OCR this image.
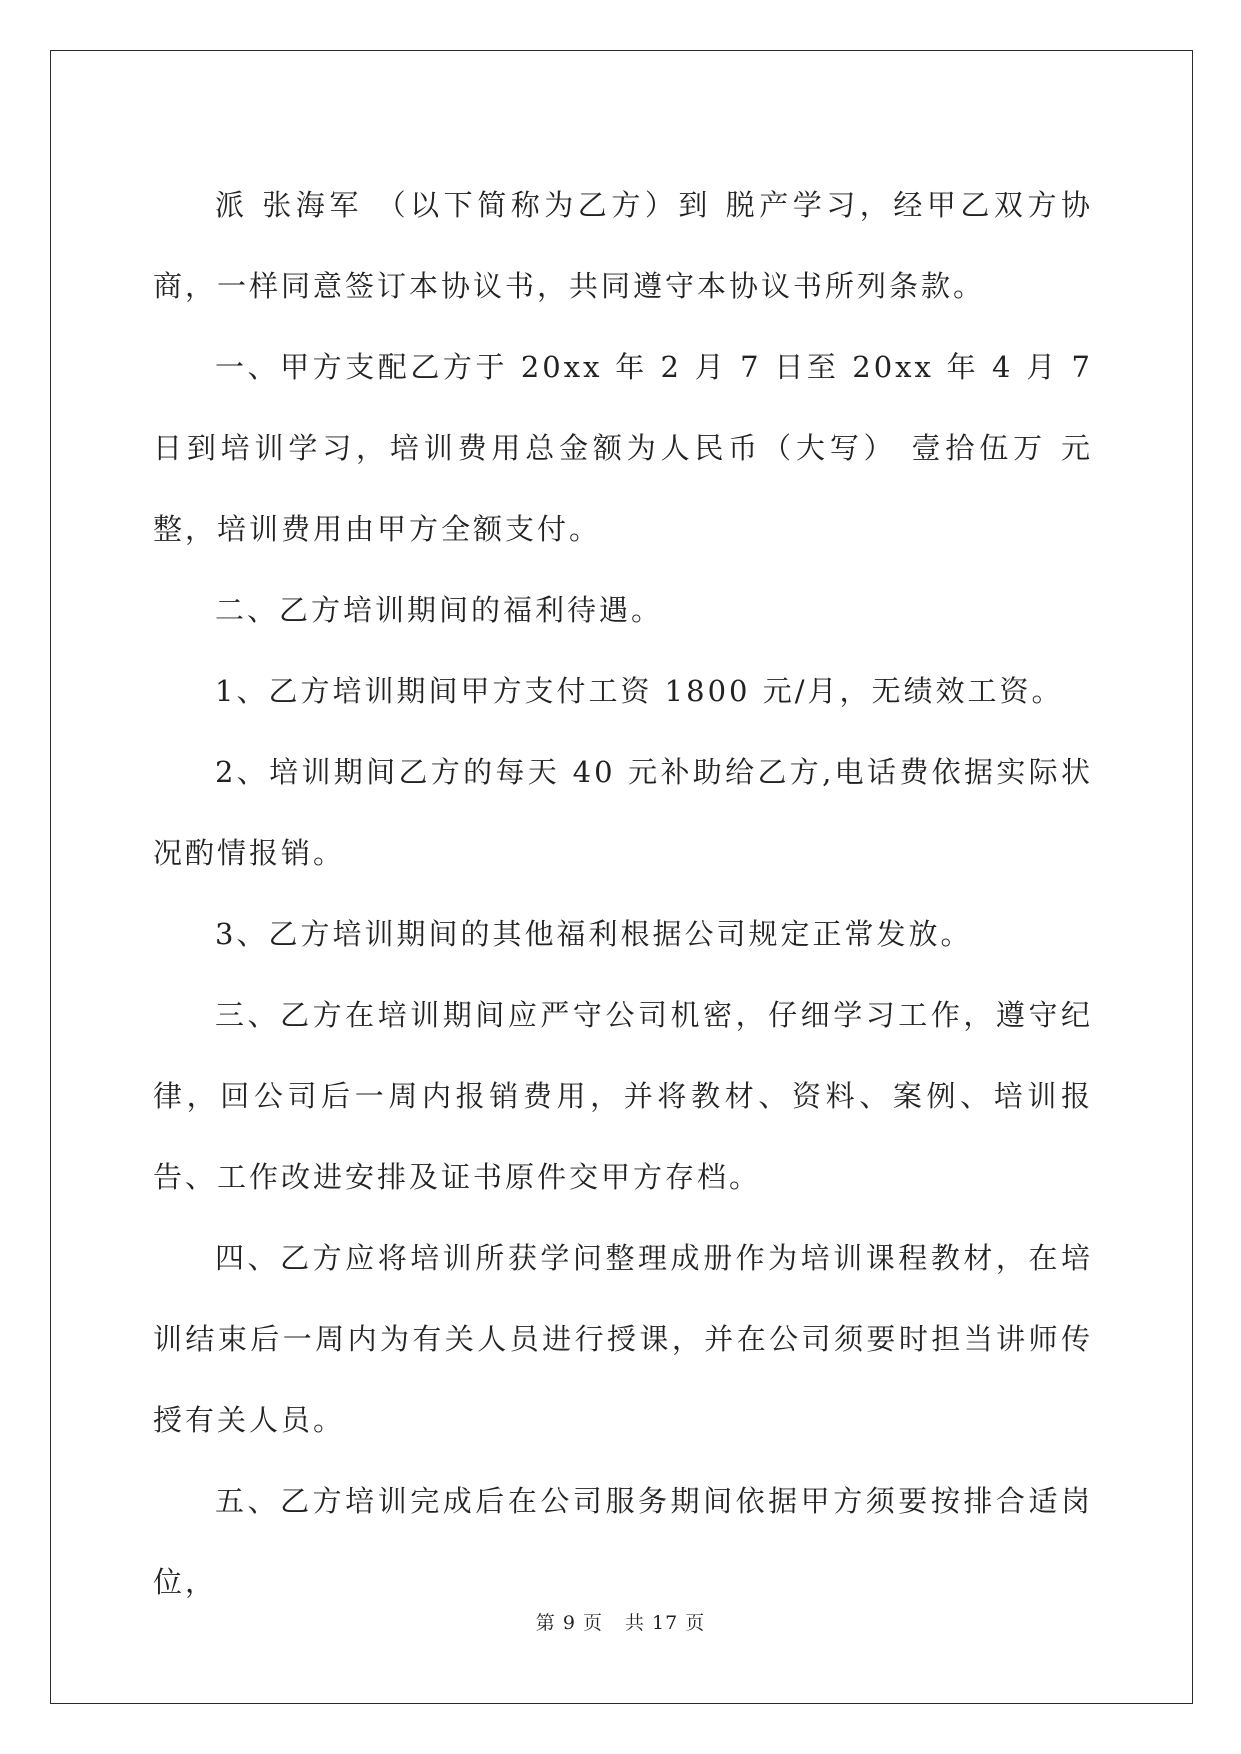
派 张海军 （以下简称为乙方）到 脱产学习，经甲乙双方协商，一样同意签订本协议书，共同遵守本协议书所列条款。

一、甲方支配乙方于 20xx 年 2 月 7 日至 20xx 年 4 月 7 日到培训学习，培训费用总金额为人民币（大写） 壹拾伍万 元整，培训费用由甲方全额支付。

二、乙方培训期间的福利待遇。

1、乙方培训期间甲方支付工资 1800 元/月，无绩效工资。

2、培训期间乙方的每天 40 元补助给乙方,电话费依据实际状况酌情报销。

3、乙方培训期间的其他福利根据公司规定正常发放。

三、乙方在培训期间应严守公司机密，仔细学习工作，遵守纪律，回公司后一周内报销费用，并将教材、资料、案例、培训报告、工作改进安排及证书原件交甲方存档。

四、乙方应将培训所获学问整理成册作为培训课程教材，在培训结束后一周内为有关人员进行授课，并在公司须要时担当讲师传授有关人员。

五、乙方培训完成后在公司服务期间依据甲方须要按排合适岗位，

第 9 页 共 17 页
